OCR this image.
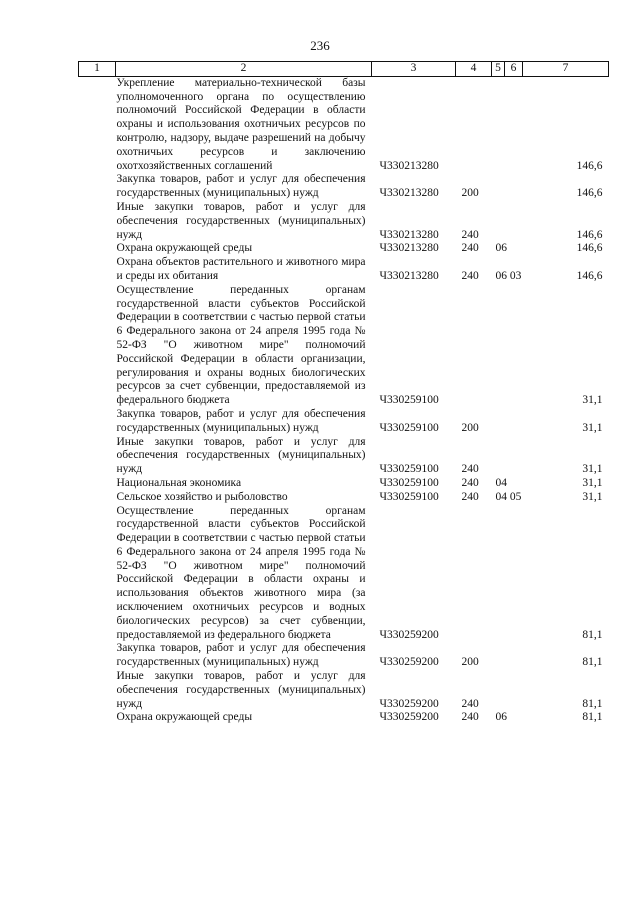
236
1	2	3	4	5	6	7
	Укрепление материально-технической базы уполномоченного органа по осуществлению полномочий Российской Федерации в области охраны и использования охотничьих ресурсов по контролю, надзору, выдаче разрешений на добычу охотничьих ресурсов и заключению охотхозяйственных соглашений	Ч330213280				146,6
	Закупка товаров, работ и услуг для обеспечения государственных (муниципальных) нужд	Ч330213280	200			146,6
	Иные закупки товаров, работ и услуг для обеспечения государственных (муниципальных) нужд	Ч330213280	240			146,6
	Охрана окружающей среды	Ч330213280	240	06		146,6
	Охрана объектов растительного и животного мира и среды их обитания	Ч330213280	240	06 03		146,6
	Осуществление переданных органам государственной власти субъектов Российской Федерации в соответствии с частью первой статьи 6 Федерального закона от 24 апреля 1995 года № 52-ФЗ "О животном мире" полномочий Российской Федерации в области организации, регулирования и охраны водных биологических ресурсов за счет субвенции, предоставляемой из федерального бюджета	Ч330259100				31,1
	Закупка товаров, работ и услуг для обеспечения государственных (муниципальных) нужд	Ч330259100	200			31,1
	Иные закупки товаров, работ и услуг для обеспечения государственных (муниципальных) нужд	Ч330259100	240			31,1
	Национальная экономика	Ч330259100	240	04		31,1
	Сельское хозяйство и рыболовство	Ч330259100	240	04 05		31,1
	Осуществление переданных органам государственной власти субъектов Российской Федерации в соответствии с частью первой статьи 6 Федерального закона от 24 апреля 1995 года № 52-ФЗ "О животном мире" полномочий Российской Федерации в области охраны и использования объектов животного мира (за исключением охотничьих ресурсов и водных биологических ресурсов) за счет субвенции, предоставляемой из федерального бюджета	Ч330259200				81,1
	Закупка товаров, работ и услуг для обеспечения государственных (муниципальных) нужд	Ч330259200	200			81,1
	Иные закупки товаров, работ и услуг для обеспечения государственных (муниципальных) нужд	Ч330259200	240			81,1
	Охрана окружающей среды	Ч330259200	240	06		81,1
